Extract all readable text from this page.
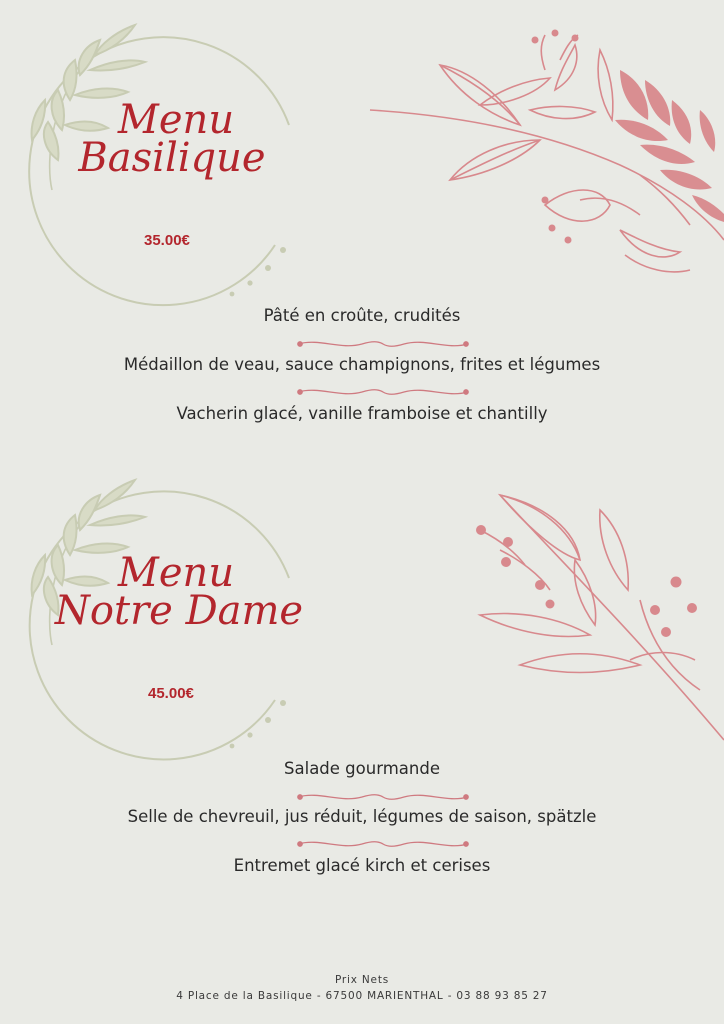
Menu
Basilique
35.00€
Pâté en croûte, crudités
Médaillon de veau, sauce champignons, frites et légumes
Vacherin glacé, vanille framboise et chantilly
Menu
Notre Dame
45.00€
Salade gourmande
Selle de chevreuil, jus réduit, légumes de saison, spätzle
Entremet glacé kirch et cerises
Prix Nets
4 Place de la Basilique - 67500 MARIENTHAL - 03 88 93 85 27
